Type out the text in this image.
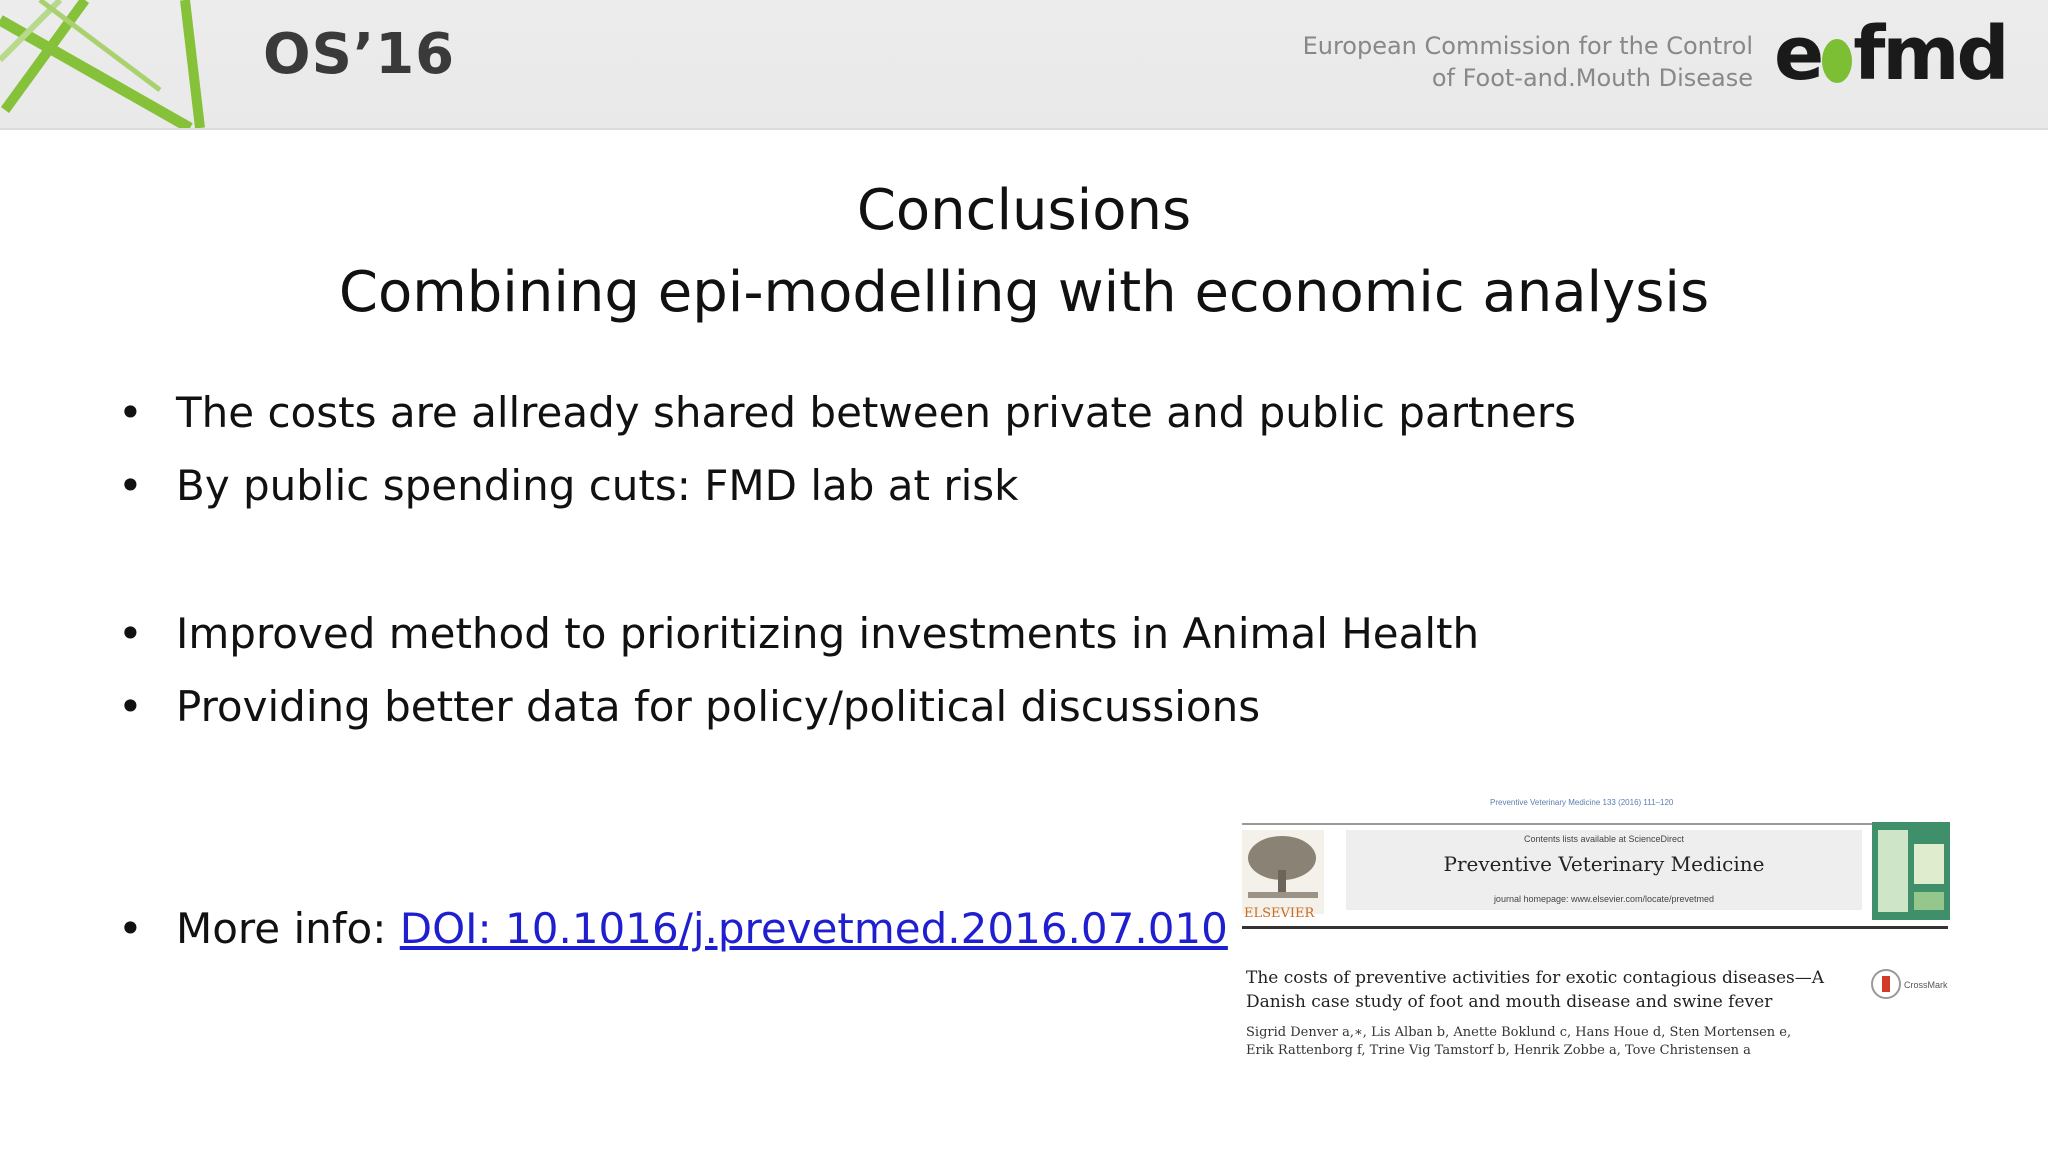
OS’16	European Commission for the Control
of Foot-and.Mouth Disease e fmd
Conclusions
Combining epi-modelling with economic analysis
• The costs are allready shared between private and public partners
• By public spending cuts: FMD lab at risk
• Improved method to prioritizing investments in Animal Health
• Providing better data for policy/political discussions
• More info: DOI: 10.1016/j.prevetmed.2016.07.010
Preventive Veterinary Medicine 133 (2016) 111–120
ELSEVIER
Contents lists available at ScienceDirect
Preventive Veterinary Medicine
journal homepage: www.elsevier.com/locate/prevetmed
The costs of preventive activities for exotic contagious diseases—A
Danish case study of foot and mouth disease and swine fever
CrossMark
Sigrid Denver a,∗, Lis Alban b, Anette Boklund c, Hans Houe d, Sten Mortensen e,
Erik Rattenborg f, Trine Vig Tamstorf b, Henrik Zobbe a, Tove Christensen a
